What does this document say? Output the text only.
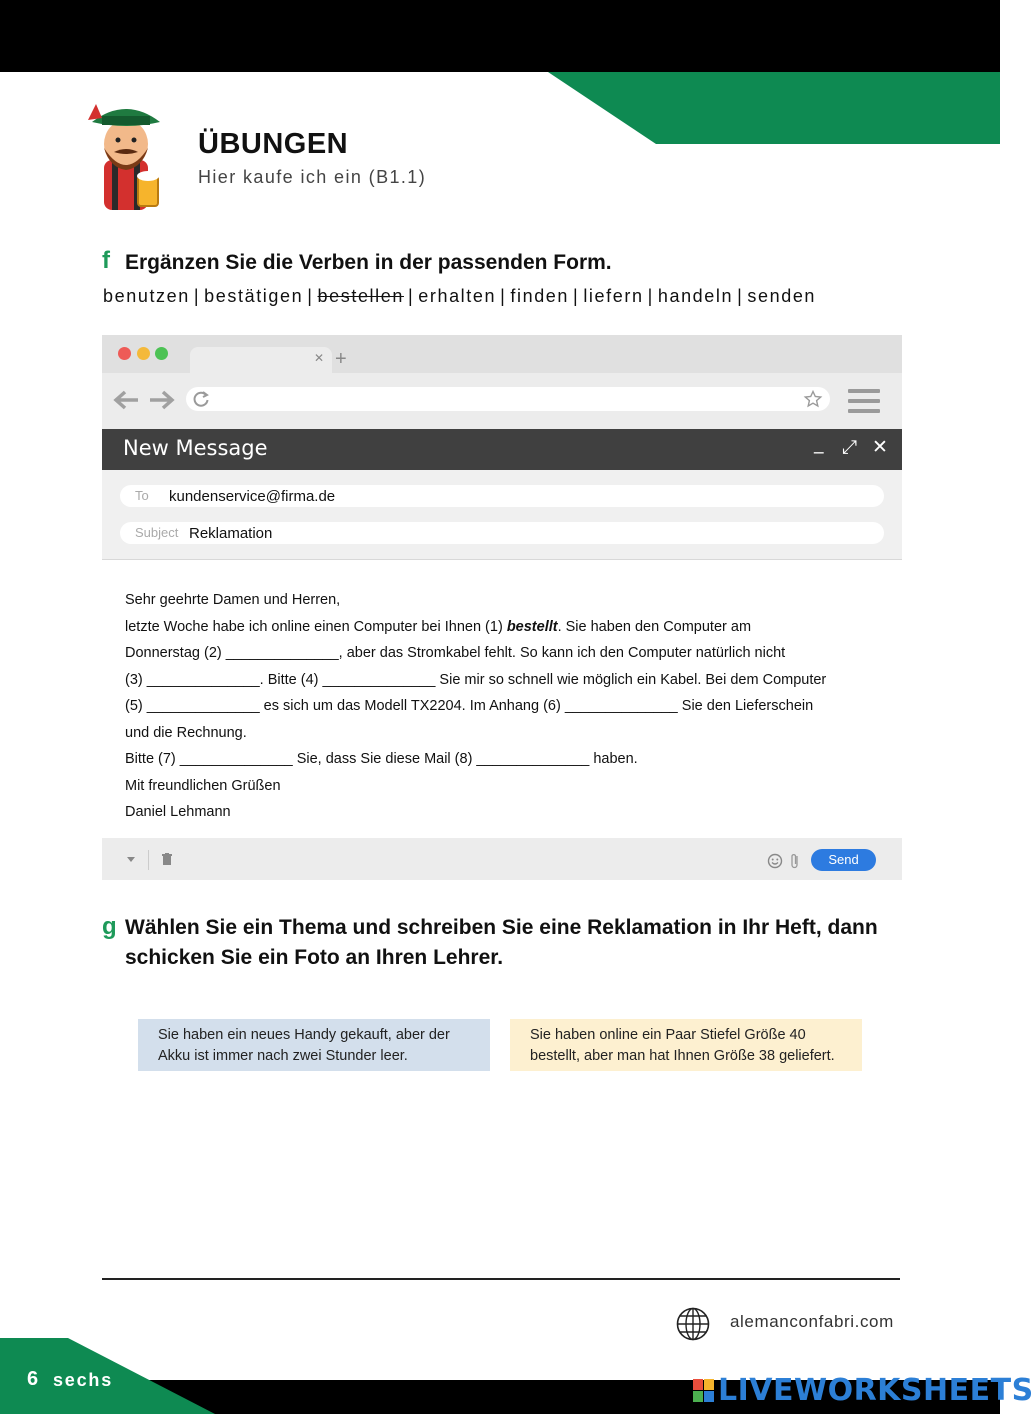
ÜBUNGEN
Hier kaufe ich ein (B1.1)
f Ergänzen Sie die Verben in der passenden Form.
benutzen | bestätigen | bestellen | erhalten | finden | liefern | handeln | senden
✕ +
New Message	_ ⤢ ✕
To kundenservice@firma.de
Subject Reklamation

Sehr geehrte Damen und Herren,

letzte Woche habe ich online einen Computer bei Ihnen (1) bestellt. Sie haben den Computer am

Donnerstag (2) ______________, aber das Stromkabel fehlt. So kann ich den Computer natürlich nicht

(3) ______________. Bitte (4) ______________ Sie mir so schnell wie möglich ein Kabel. Bei dem Computer

(5) ______________ es sich um das Modell TX2204. Im Anhang (6) ______________ Sie den Lieferschein

und die Rechnung.

Bitte (7) ______________ Sie, dass Sie diese Mail (8) ______________ haben.

Mit freundlichen Grüßen

Daniel Lehmann

Send
g Wählen Sie ein Thema und schreiben Sie eine Reklamation in Ihr Heft, dann
schicken Sie ein Foto an Ihren Lehrer.
Sie haben ein neues Handy gekauft, aber der
Akku ist immer nach zwei Stunder leer.
Sie haben online ein Paar Stiefel Größe 40
bestellt, aber man hat Ihnen Größe 38 geliefert.
alemanconfabri.com
6 sechs	LIVEWORKSHEETS
